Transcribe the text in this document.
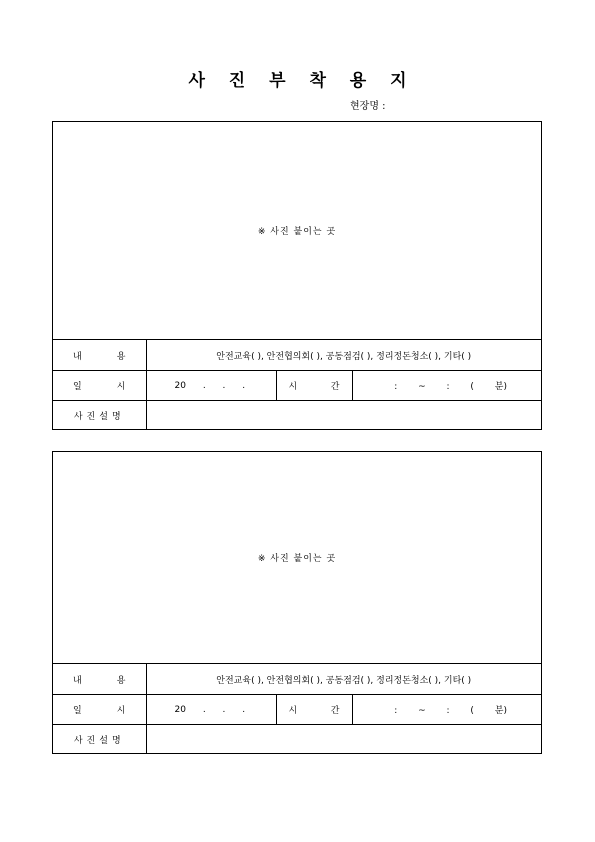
사 진 부 착 용 지
현장명 :
※ 사진 붙이는 곳
내 용	안전교육( ), 안전협의회( ), 공동점검( ), 정리정돈청소( ), 기타( )		

일 시	20 . . .	시 간	: ~ : ( 분)
사진설명			
※ 사진 붙이는 곳
내 용	안전교육( ), 안전협의회( ), 공동점검( ), 정리정돈청소( ), 기타( )		

일 시	20 . . .	시 간	: ~ : ( 분)
사진설명			
